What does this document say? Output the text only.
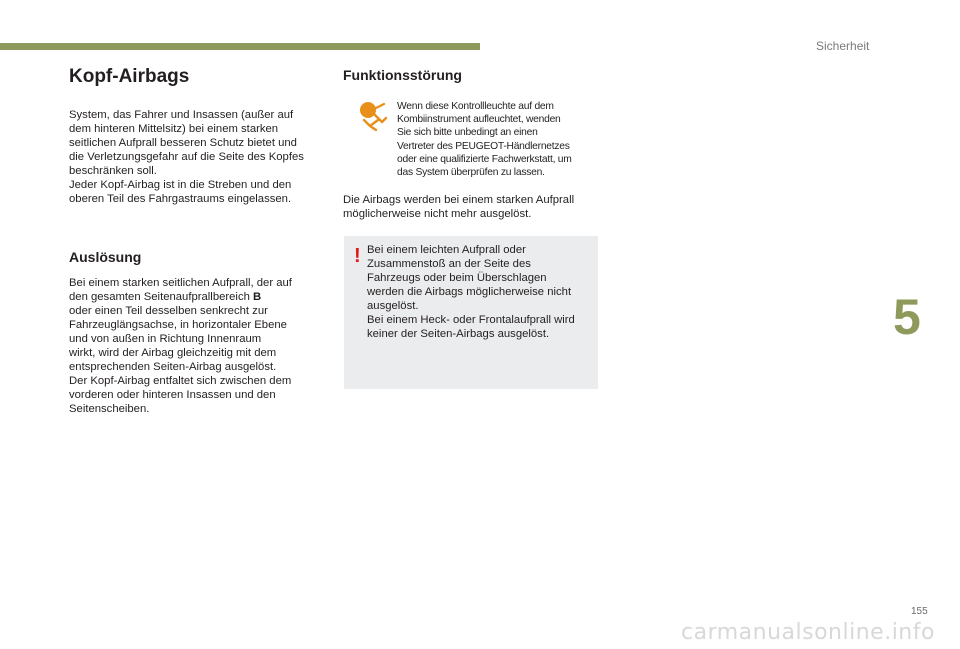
Sicherheit
Kopf-Airbags

System, das Fahrer und Insassen (außer auf
dem hinteren Mittelsitz) bei einem starken
seitlichen Aufprall besseren Schutz bietet und
die Verletzungsgefahr auf die Seite des Kopfes
beschränken soll.
Jeder Kopf-Airbag ist in die Streben und den
oberen Teil des Fahrgastraums eingelassen.

Auslösung

Bei einem starken seitlichen Aufprall, der auf
den gesamten Seitenaufprallbereich B
oder einen Teil desselben senkrecht zur
Fahrzeuglängsachse, in horizontaler Ebene
und von außen in Richtung Innenraum
wirkt, wird der Airbag gleichzeitig mit dem
entsprechenden Seiten-Airbag ausgelöst.
Der Kopf-Airbag entfaltet sich zwischen dem
vorderen oder hinteren Insassen und den
Seitenscheiben.

Funktionsstörung
Wenn diese Kontrollleuchte auf dem
Kombiinstrument aufleuchtet, wenden
Sie sich bitte unbedingt an einen
Vertreter des PEUGEOT-Händlernetzes
oder eine qualifizierte Fachwerkstatt, um
das System überprüfen zu lassen.

Die Airbags werden bei einem starken Aufprall
möglicherweise nicht mehr ausgelöst.

! Bei einem leichten Aufprall oder
Zusammenstoß an der Seite des
Fahrzeugs oder beim Überschlagen
werden die Airbags möglicherweise nicht
ausgelöst.
Bei einem Heck- oder Frontalaufprall wird
keiner der Seiten-Airbags ausgelöst.	5
155
carmanualsonline.info
